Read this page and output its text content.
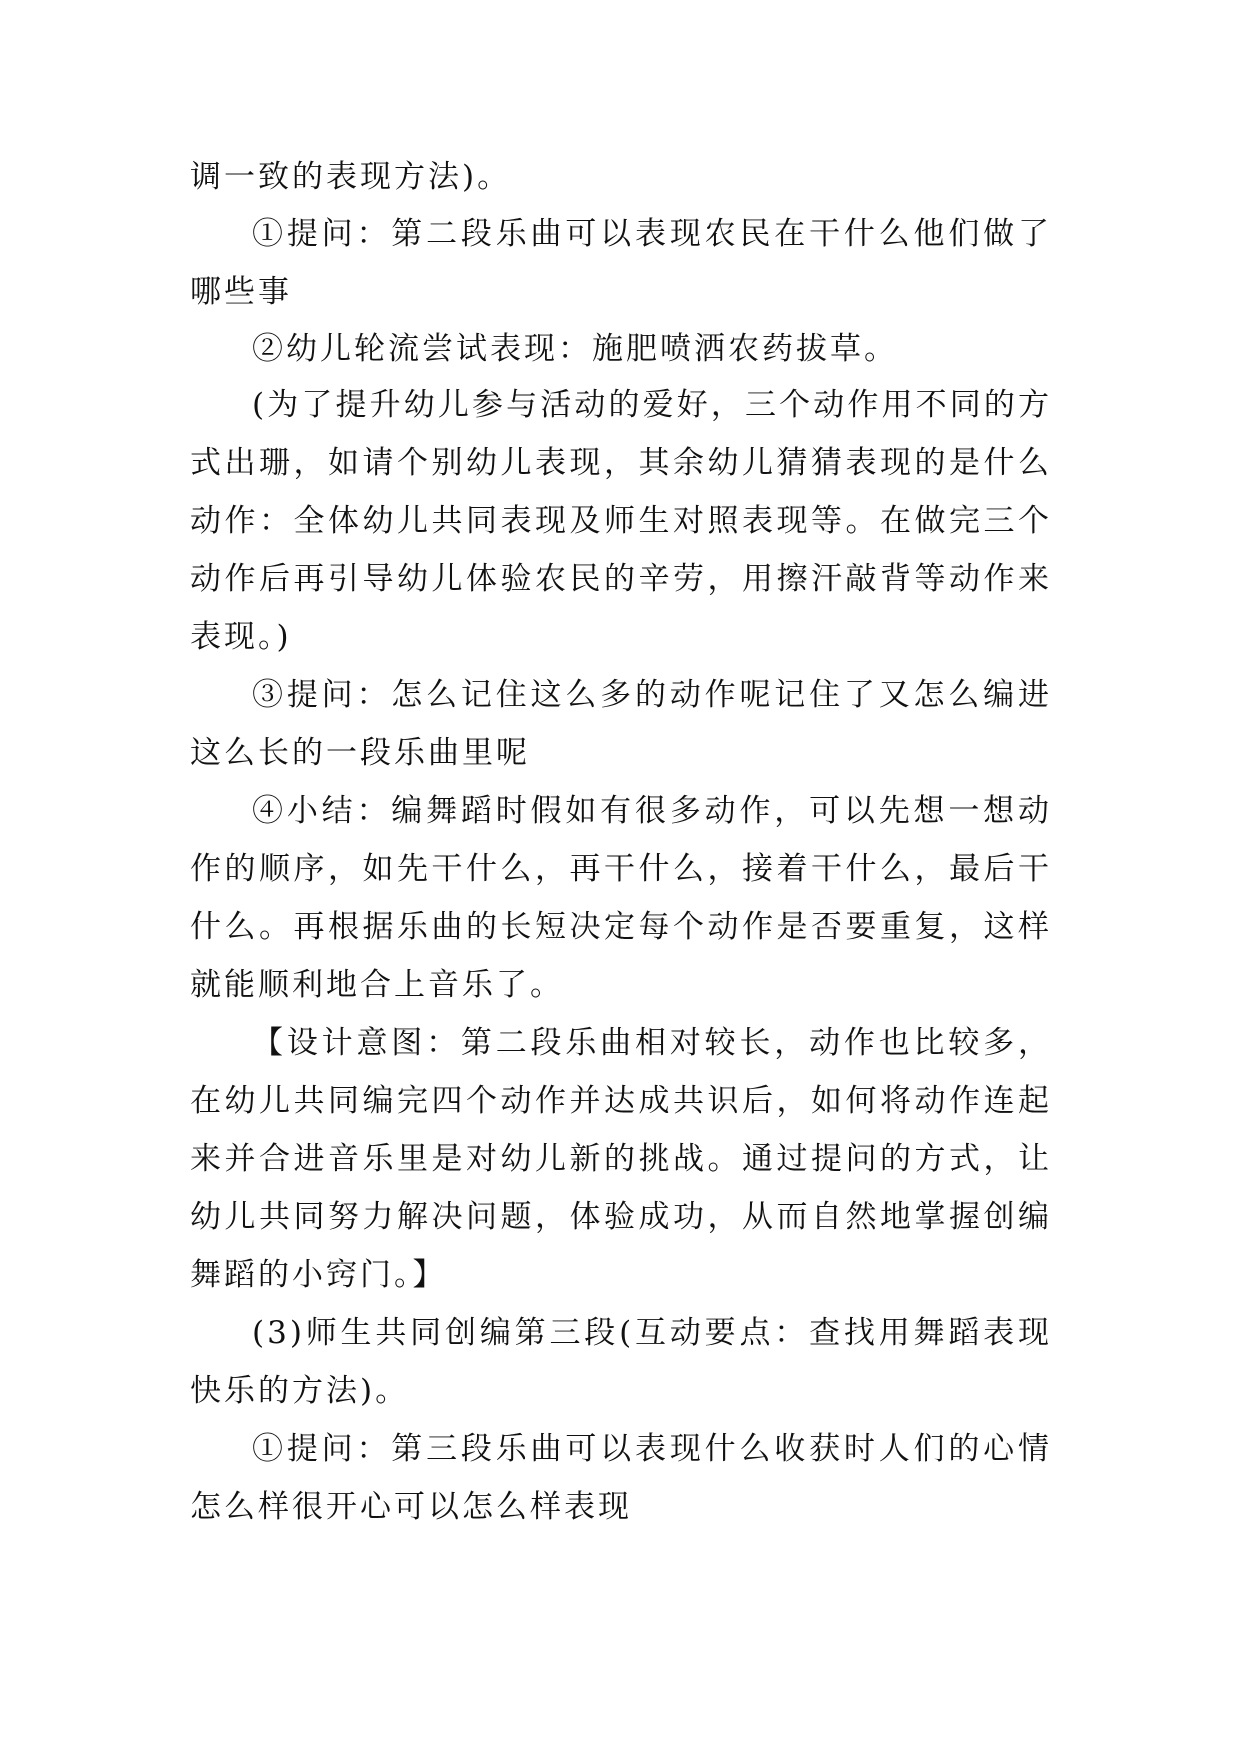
调一致的表现方法)。

①提问：第二段乐曲可以表现农民在干什么他们做了哪些事

②幼儿轮流尝试表现：施肥喷洒农药拔草。

(为了提升幼儿参与活动的爱好，三个动作用不同的方式出珊，如请个别幼儿表现，其余幼儿猜猜表现的是什么动作：全体幼儿共同表现及师生对照表现等。在做完三个动作后再引导幼儿体验农民的辛劳，用擦汗敲背等动作来表现。)

③提问：怎么记住这么多的动作呢记住了又怎么编进这么长的一段乐曲里呢

④小结：编舞蹈时假如有很多动作，可以先想一想动作的顺序，如先干什么，再干什么，接着干什么，最后干什么。再根据乐曲的长短决定每个动作是否要重复，这样就能顺利地合上音乐了。

【设计意图：第二段乐曲相对较长，动作也比较多，在幼儿共同编完四个动作并达成共识后，如何将动作连起来并合进音乐里是对幼儿新的挑战。通过提问的方式，让幼儿共同努力解决问题，体验成功，从而自然地掌握创编舞蹈的小窍门。】

(3)师生共同创编第三段(互动要点：查找用舞蹈表现快乐的方法)。

①提问：第三段乐曲可以表现什么收获时人们的心情怎么样很开心可以怎么样表现
